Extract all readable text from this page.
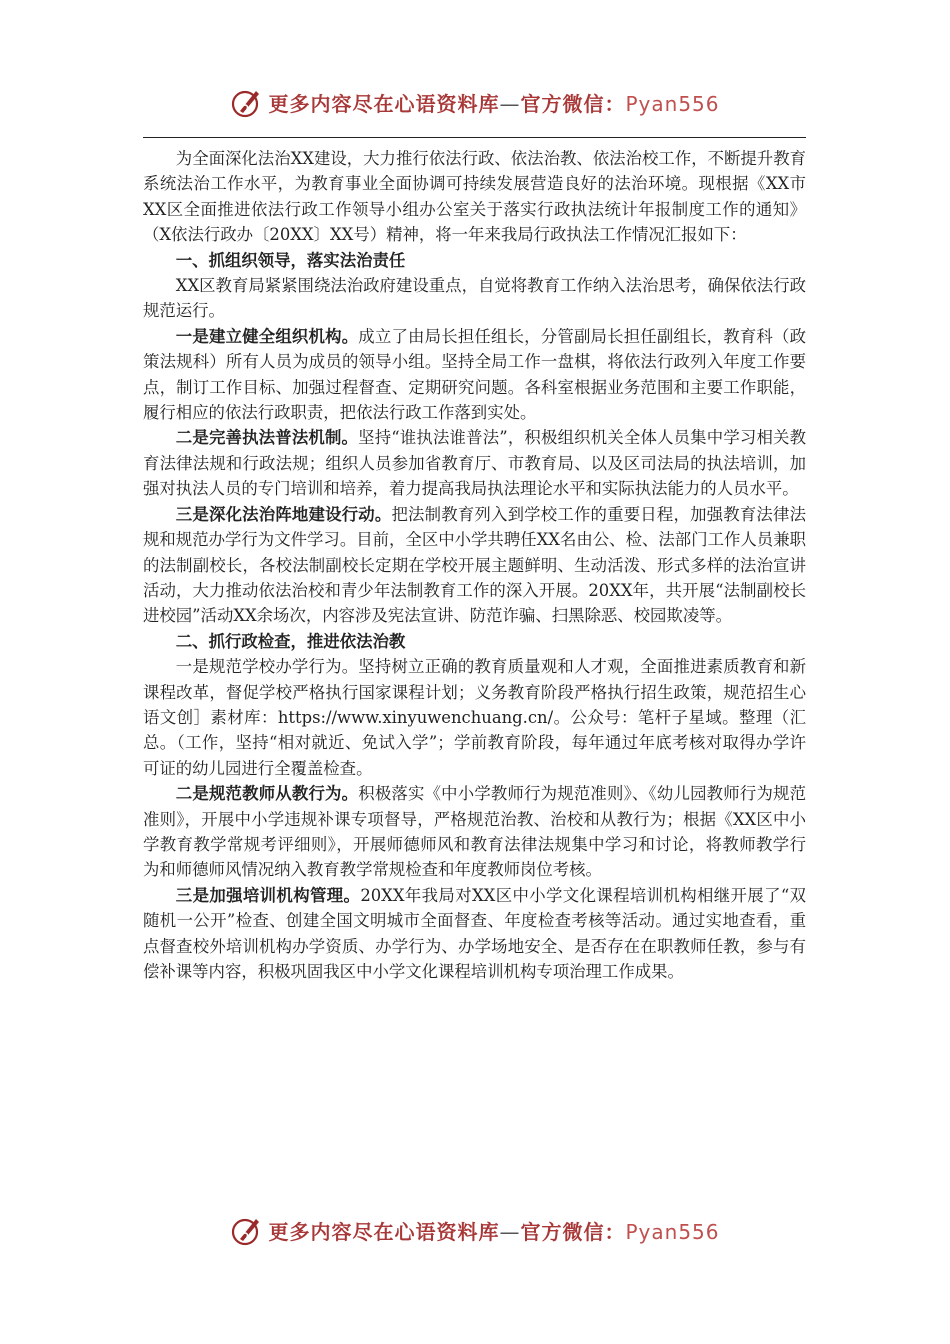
更多内容尽在心语资料库—官方微信：Pyan556

为全面深化法治XX建设，大力推行依法行政、依法治教、依法治校工作，不断提升教育系统法治工作水平，为教育事业全面协调可持续发展营造良好的法治环境。现根据《XX市XX区全面推进依法行政工作领导小组办公室关于落实行政执法统计年报制度工作的通知》（X依法行政办〔20XX〕XX号）精神，将一年来我局行政执法工作情况汇报如下：

一、抓组织领导，落实法治责任

XX区教育局紧紧围绕法治政府建设重点，自觉将教育工作纳入法治思考，确保依法行政规范运行。

一是建立健全组织机构。成立了由局长担任组长，分管副局长担任副组长，教育科（政策法规科）所有人员为成员的领导小组。坚持全局工作一盘棋，将依法行政列入年度工作要点，制订工作目标、加强过程督查、定期研究问题。各科室根据业务范围和主要工作职能，履行相应的依法行政职责，把依法行政工作落到实处。

二是完善执法普法机制。坚持“谁执法谁普法”，积极组织机关全体人员集中学习相关教育法律法规和行政法规；组织人员参加省教育厅、市教育局、以及区司法局的执法培训，加强对执法人员的专门培训和培养，着力提高我局执法理论水平和实际执法能力的人员水平。

三是深化法治阵地建设行动。把法制教育列入到学校工作的重要日程，加强教育法律法规和规范办学行为文件学习。目前，全区中小学共聘任XX名由公、检、法部门工作人员兼职的法制副校长，各校法制副校长定期在学校开展主题鲜明、生动活泼、形式多样的法治宣讲活动，大力推动依法治校和青少年法制教育工作的深入开展。20XX年，共开展“法制副校长进校园”活动XX余场次，内容涉及宪法宣讲、防范诈骗、扫黑除恶、校园欺凌等。

二、抓行政检查，推进依法治教

一是规范学校办学行为。坚持树立正确的教育质量观和人才观，全面推进素质教育和新课程改革，督促学校严格执行国家课程计划；义务教育阶段严格执行招生政策，规范招生心语文创］素材库：https://www.xinyuwenchuang.cn/。公众号：笔杆子星域。整理（汇总。（工作，坚持“相对就近、免试入学”；学前教育阶段，每年通过年底考核对取得办学许可证的幼儿园进行全覆盖检查。

二是规范教师从教行为。积极落实《中小学教师行为规范准则》、《幼儿园教师行为规范准则》，开展中小学违规补课专项督导，严格规范治教、治校和从教行为；根据《XX区中小学教育教学常规考评细则》，开展师德师风和教育法律法规集中学习和讨论，将教师教学行为和师德师风情况纳入教育教学常规检查和年度教师岗位考核。

三是加强培训机构管理。20XX年我局对XX区中小学文化课程培训机构相继开展了“双随机一公开”检查、创建全国文明城市全面督查、年度检查考核等活动。通过实地查看，重点督查校外培训机构办学资质、办学行为、办学场地安全、是否存在在职教师任教，参与有偿补课等内容，积极巩固我区中小学文化课程培训机构专项治理工作成果。

更多内容尽在心语资料库—官方微信：Pyan556
